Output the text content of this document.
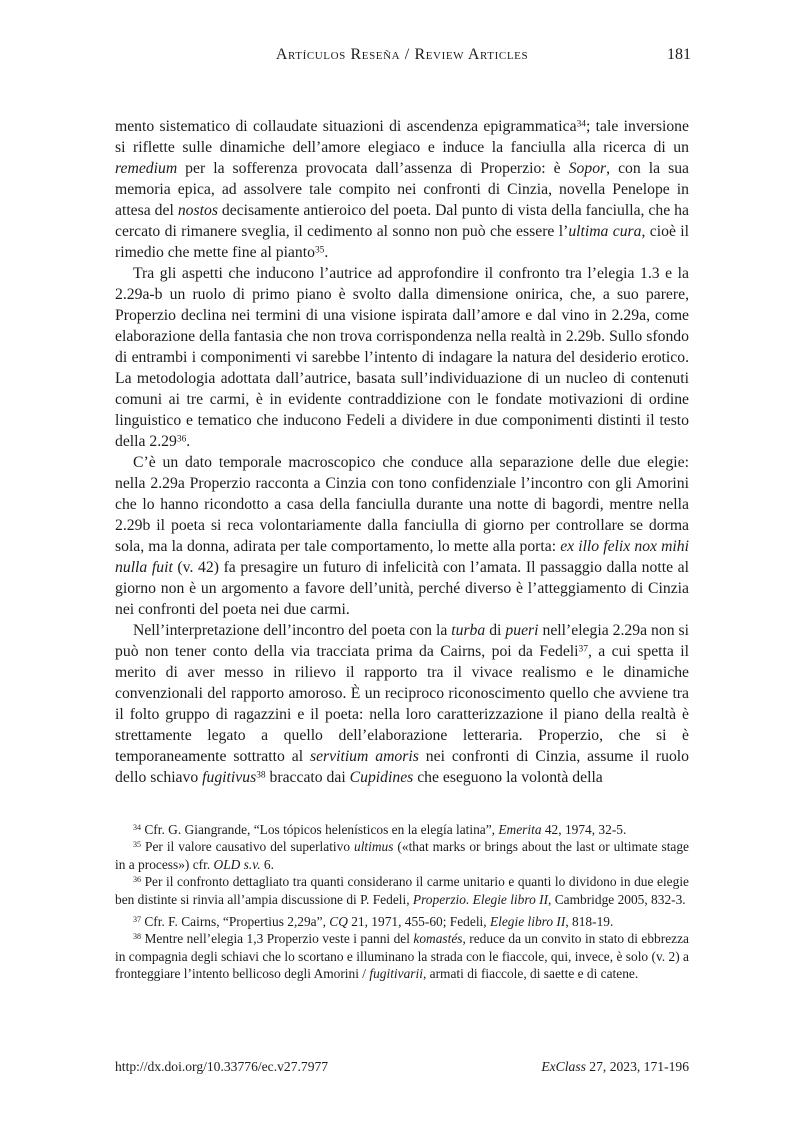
Artículos Reseña / Review Articles	181

mento sistematico di collaudate situazioni di ascendenza epigrammatica$^{34}$; tale inversione si riflette sulle dinamiche dell’amore elegiaco e induce la fanciulla alla ricerca di un remedium per la sofferenza provocata dall’assenza di Properzio: è Sopor, con la sua memoria epica, ad assolvere tale compito nei confronti di Cinzia, novella Penelope in attesa del nostos decisamente antieroico del poeta. Dal punto di vista della fanciulla, che ha cercato di rimanere sveglia, il cedimento al sonno non può che essere l’ultima cura, cioè il rimedio che mette fine al pianto$^{35}$.

Tra gli aspetti che inducono l’autrice ad approfondire il confronto tra l’elegia 1.3 e la 2.29a-b un ruolo di primo piano è svolto dalla dimensione onirica, che, a suo parere, Properzio declina nei termini di una visione ispirata dall’amore e dal vino in 2.29a, come elaborazione della fantasia che non trova corrispondenza nella realtà in 2.29b. Sullo sfondo di entrambi i componimenti vi sarebbe l’intento di indagare la natura del desiderio erotico. La metodologia adottata dall’autrice, basata sull’individuazione di un nucleo di contenuti comuni ai tre carmi, è in evidente contraddizione con le fondate motivazioni di ordine linguistico e tematico che inducono Fedeli a dividere in due componimenti distinti il testo della 2.29$^{36}$.

C’è un dato temporale macroscopico che conduce alla separazione delle due elegie: nella 2.29a Properzio racconta a Cinzia con tono confidenziale l’incontro con gli Amorini che lo hanno ricondotto a casa della fanciulla durante una notte di bagordi, mentre nella 2.29b il poeta si reca volontariamente dalla fanciulla di giorno per controllare se dorma sola, ma la donna, adirata per tale comportamento, lo mette alla porta: ex illo felix nox mihi nulla fuit (v. 42) fa presagire un futuro di infelicità con l’amata. Il passaggio dalla notte al giorno non è un argomento a favore dell’unità, perché diverso è l’atteggiamento di Cinzia nei confronti del poeta nei due carmi.

Nell’interpretazione dell’incontro del poeta con la turba di pueri nell’elegia 2.29a non si può non tener conto della via tracciata prima da Cairns, poi da Fedeli$^{37}$, a cui spetta il merito di aver messo in rilievo il rapporto tra il vivace realismo e le dinamiche convenzionali del rapporto amoroso. È un reciproco riconoscimento quello che avviene tra il folto gruppo di ragazzini e il poeta: nella loro caratterizzazione il piano della realtà è strettamente legato a quello dell’elaborazione letteraria. Properzio, che si è temporaneamente sottratto al servitium amoris nei confronti di Cinzia, assume il ruolo dello schiavo fugitivus$^{38}$ braccato dai Cupidines che eseguono la volontà della

$^{34}$ Cfr. G. Giangrande, “Los tópicos helenísticos en la elegía latina”, Emerita 42, 1974, 32-5.

$^{35}$ Per il valore causativo del superlativo ultimus («that marks or brings about the last or ultimate stage in a process») cfr. OLD s.v. 6.

$^{36}$ Per il confronto dettagliato tra quanti considerano il carme unitario e quanti lo dividono in due elegie ben distinte si rinvia all’ampia discussione di P. Fedeli, Properzio. Elegie libro II, Cambridge 2005, 832-3.

$^{37}$ Cfr. F. Cairns, “Propertius 2,29a”, CQ 21, 1971, 455-60; Fedeli, Elegie libro II, 818-19.

$^{38}$ Mentre nell’elegia 1,3 Properzio veste i panni del komastés, reduce da un convito in stato di ebbrezza in compagnia degli schiavi che lo scortano e illuminano la strada con le fiaccole, qui, invece, è solo (v. 2) a fronteggiare l’intento bellicoso degli Amorini / fugitivarii, armati di fiaccole, di saette e di catene.

http://dx.doi.org/10.33776/ec.v27.7977	ExClass 27, 2023, 171-196
